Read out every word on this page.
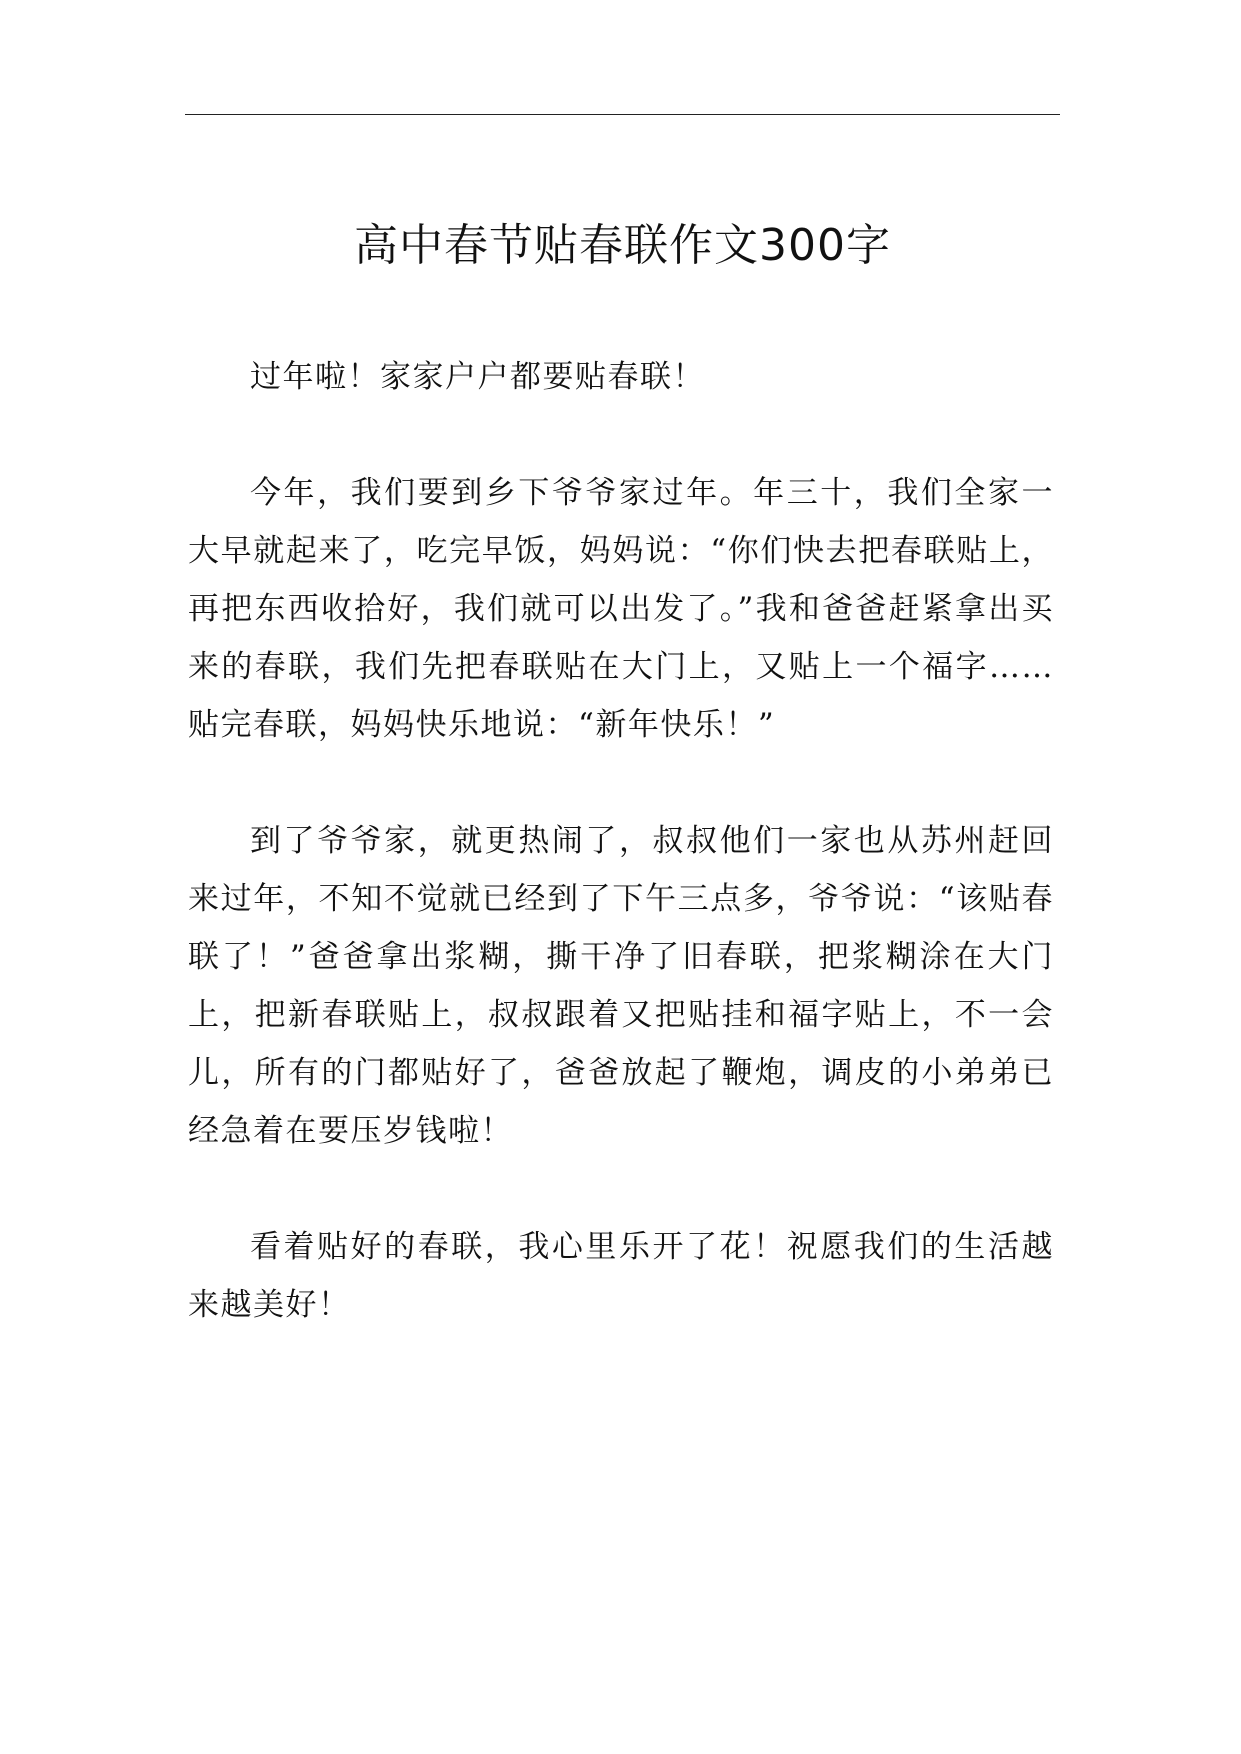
高中春节贴春联作文300字

过年啦！家家户户都要贴春联！

今年，我们要到乡下爷爷家过年。年三十，我们全家一大早就起来了，吃完早饭，妈妈说：“你们快去把春联贴上，再把东西收拾好，我们就可以出发了。”我和爸爸赶紧拿出买来的春联，我们先把春联贴在大门上，又贴上一个福字……贴完春联，妈妈快乐地说：“新年快乐！”

到了爷爷家，就更热闹了，叔叔他们一家也从苏州赶回来过年，不知不觉就已经到了下午三点多，爷爷说：“该贴春联了！”爸爸拿出浆糊，撕干净了旧春联，把浆糊涂在大门上，把新春联贴上，叔叔跟着又把贴挂和福字贴上，不一会儿，所有的门都贴好了，爸爸放起了鞭炮，调皮的小弟弟已经急着在要压岁钱啦！

看着贴好的春联，我心里乐开了花！祝愿我们的生活越来越美好！
